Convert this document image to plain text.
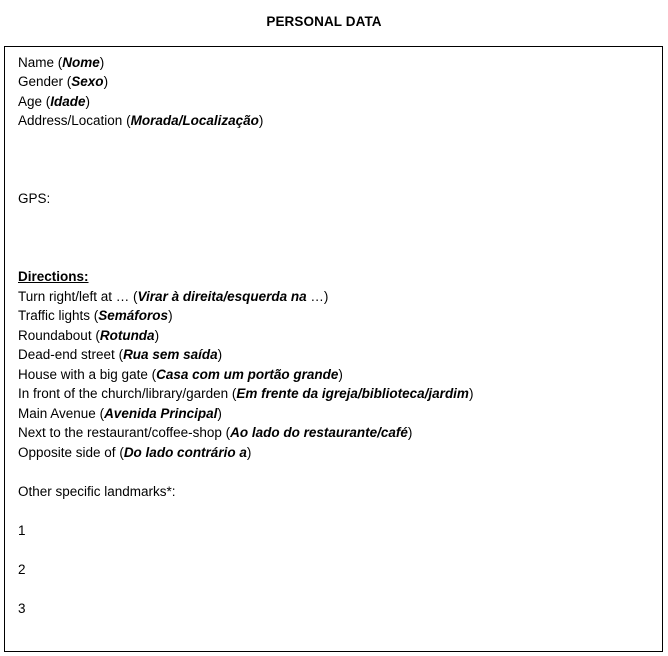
PERSONAL DATA
Name (Nome)
Gender (Sexo)
Age (Idade)
Address/Location (Morada/Localização)
GPS:
Directions:
Turn right/left at … (Virar à direita/esquerda na …)
Traffic lights (Semáforos)
Roundabout (Rotunda)
Dead-end street (Rua sem saída)
House with a big gate (Casa com um portão grande)
In front of the church/library/garden (Em frente da igreja/biblioteca/jardim)
Main Avenue (Avenida Principal)
Next to the restaurant/coffee-shop (Ao lado do restaurante/café)
Opposite side of (Do lado contrário a)
Other specific landmarks*:
1
2
3
